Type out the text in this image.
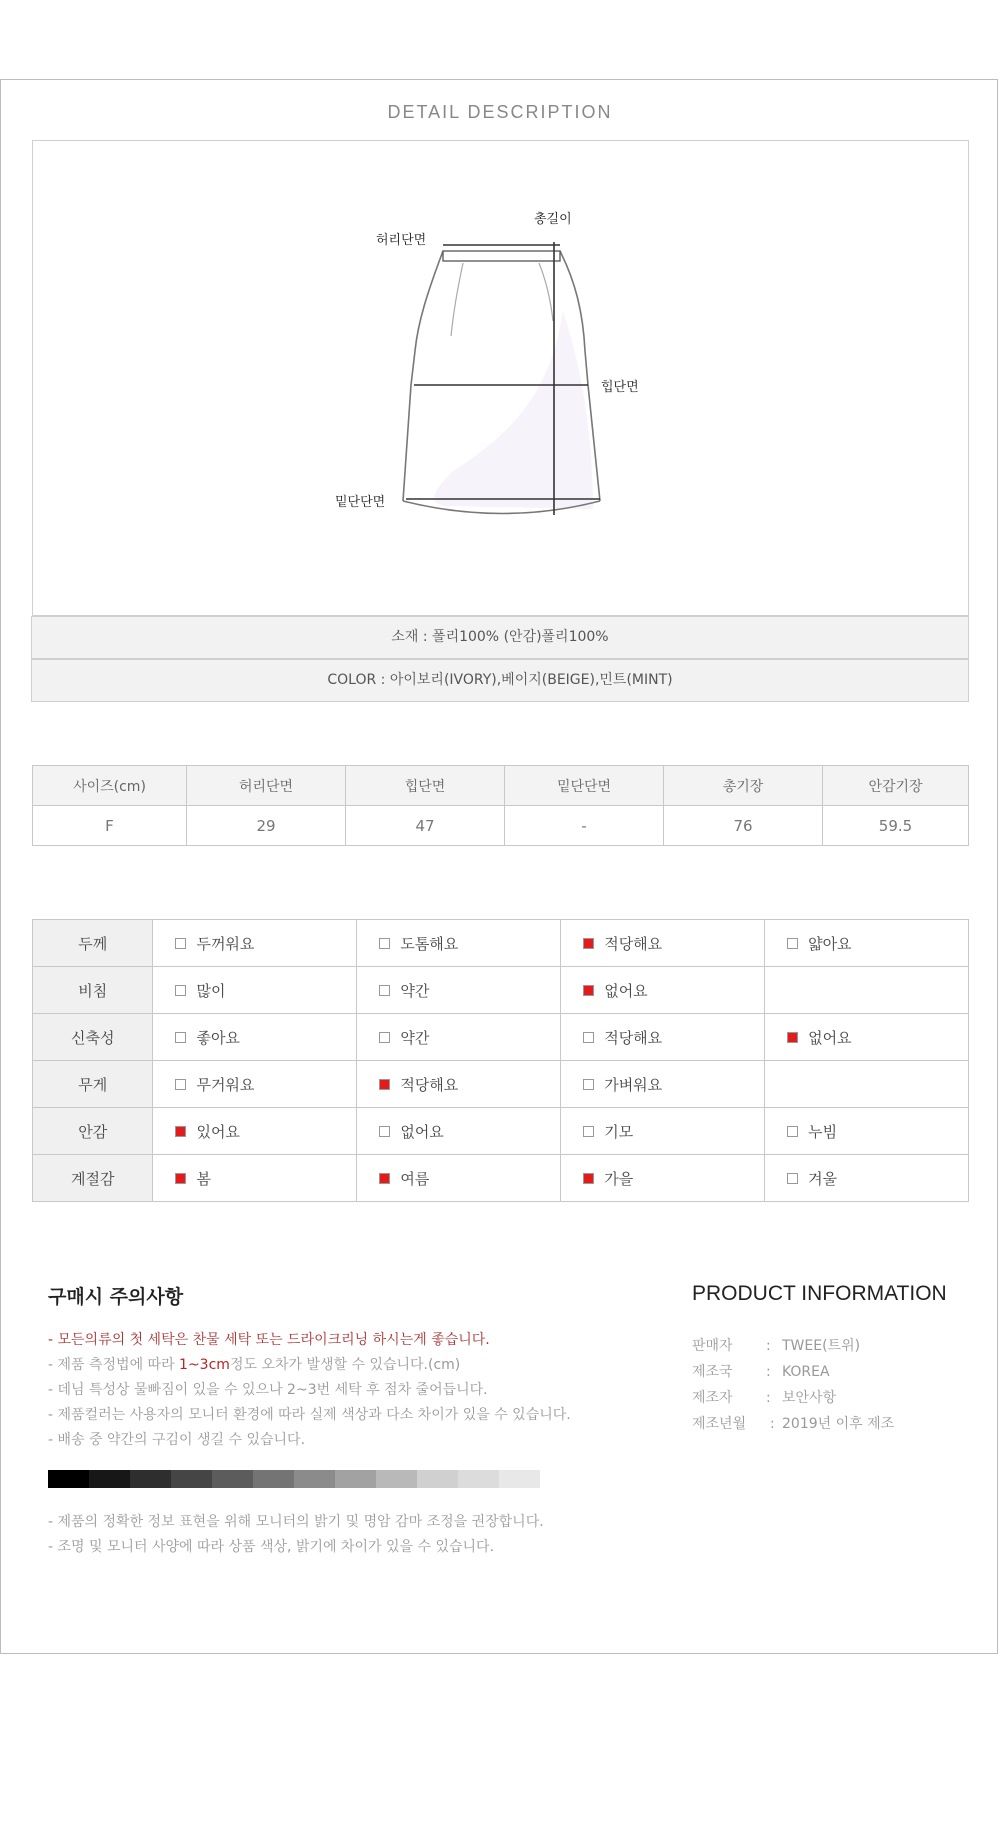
DETAIL DESCRIPTION
총길이
허리단면
힙단면
밑단단면
소재 : 폴리100% (안감)폴리100%
COLOR : 아이보리(IVORY),베이지(BEIGE),민트(MINT)
사이즈(cm)	허리단면	힙단면	밑단단면	총기장	안감기장
F	29	47	-	76	59.5
두께	두꺼워요	도톰해요	적당해요	얇아요
비침	많이	약간	없어요	
신축성	좋아요	약간	적당해요	없어요
무게	무거워요	적당해요	가벼워요	
안감	있어요	없어요	기모	누빔
계절감	봄	여름	가을	겨울
구매시 주의사항
- 모든의류의 첫 세탁은 찬물 세탁 또는 드라이크리닝 하시는게 좋습니다.
- 제품 측정법에 따라 1~3cm정도 오차가 발생할 수 있습니다.(cm)
- 데님 특성상 물빠짐이 있을 수 있으나 2~3번 세탁 후 점차 줄어듭니다.
- 제품컬러는 사용자의 모니터 환경에 따라 실제 색상과 다소 차이가 있을 수 있습니다.
- 배송 중 약간의 구김이 생길 수 있습니다.
- 제품의 정확한 정보 표현을 위해 모니터의 밝기 및 명암 감마 조정을 권장합니다.
- 조명 및 모니터 사양에 따라 상품 색상, 밝기에 차이가 있을 수 있습니다.
PRODUCT INFORMATION
판매자 : TWEE(트위)
제조국 : KOREA
제조자 : 보안사항
제조년월 : 2019년 이후 제조
